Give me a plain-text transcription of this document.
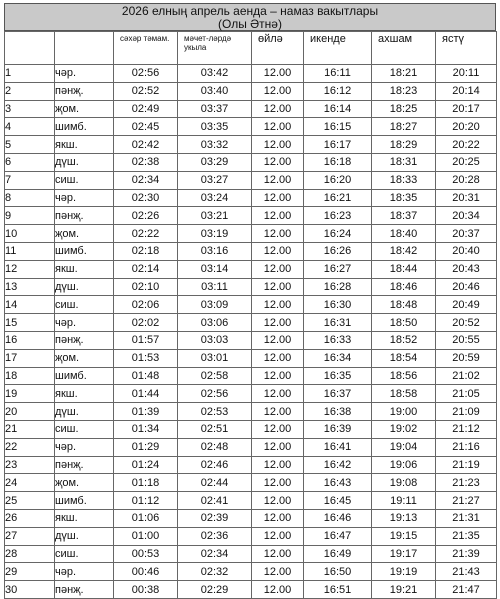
2026 елның апрель аенда – намаз вакытлары
(Олы Әтнә)
		сәхәр тәмам.	мәчет-ләрдә укыла	өйлә	икенде	ахшам	ястү
1	чәр.	02:56	03:42	12.00	16:11	18:21	20:11
2	пәнҗ.	02:52	03:40	12.00	16:12	18:23	20:14
3	җом.	02:49	03:37	12.00	16:14	18:25	20:17
4	шимб.	02:45	03:35	12.00	16:15	18:27	20:20
5	якш.	02:42	03:32	12.00	16:17	18:29	20:22
6	дүш.	02:38	03:29	12.00	16:18	18:31	20:25
7	сиш.	02:34	03:27	12.00	16:20	18:33	20:28
8	чәр.	02:30	03:24	12.00	16:21	18:35	20:31
9	пәнҗ.	02:26	03:21	12.00	16:23	18:37	20:34
10	җом.	02:22	03:19	12.00	16:24	18:40	20:37
11	шимб.	02:18	03:16	12.00	16:26	18:42	20:40
12	якш.	02:14	03:14	12.00	16:27	18:44	20:43
13	дүш.	02:10	03:11	12.00	16:28	18:46	20:46
14	сиш.	02:06	03:09	12.00	16:30	18:48	20:49
15	чәр.	02:02	03:06	12.00	16:31	18:50	20:52
16	пәнҗ.	01:57	03:03	12.00	16:33	18:52	20:55
17	җом.	01:53	03:01	12.00	16:34	18:54	20:59
18	шимб.	01:48	02:58	12.00	16:35	18:56	21:02
19	якш.	01:44	02:56	12.00	16:37	18:58	21:05
20	дүш.	01:39	02:53	12.00	16:38	19:00	21:09
21	сиш.	01:34	02:51	12.00	16:39	19:02	21:12
22	чәр.	01:29	02:48	12.00	16:41	19:04	21:16
23	пәнҗ.	01:24	02:46	12.00	16:42	19:06	21:19
24	җом.	01:18	02:44	12.00	16:43	19:08	21:23
25	шимб.	01:12	02:41	12.00	16:45	19:11	21:27
26	якш.	01:06	02:39	12.00	16:46	19:13	21:31
27	дүш.	01:00	02:36	12.00	16:47	19:15	21:35
28	сиш.	00:53	02:34	12.00	16:49	19:17	21:39
29	чәр.	00:46	02:32	12.00	16:50	19:19	21:43
30	пәнҗ.	00:38	02:29	12.00	16:51	19:21	21:47
